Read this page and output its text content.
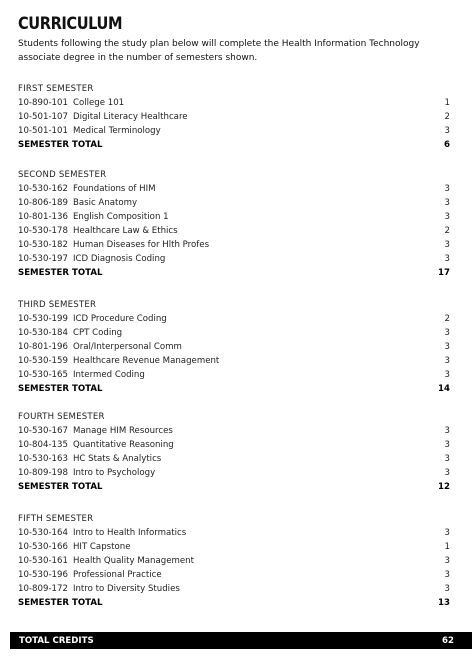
CURRICULUM
Students following the study plan below will complete the Health Information Technology associate degree in the number of semesters shown.
FIRST SEMESTER
10-890-101 College 101	1
10-501-107 Digital Literacy Healthcare	2
10-501-101 Medical Terminology	3
SEMESTER TOTAL	6
SECOND SEMESTER
10-530-162 Foundations of HIM	3
10-806-189 Basic Anatomy	3
10-801-136 English Composition 1	3
10-530-178 Healthcare Law & Ethics	2
10-530-182 Human Diseases for Hlth Profes	3
10-530-197 ICD Diagnosis Coding	3
SEMESTER TOTAL	17
THIRD SEMESTER
10-530-199 ICD Procedure Coding	2
10-530-184 CPT Coding	3
10-801-196 Oral/Interpersonal Comm	3
10-530-159 Healthcare Revenue Management	3
10-530-165 Intermed Coding	3
SEMESTER TOTAL	14
FOURTH SEMESTER
10-530-167 Manage HIM Resources	3
10-804-135 Quantitative Reasoning	3
10-530-163 HC Stats & Analytics	3
10-809-198 Intro to Psychology	3
SEMESTER TOTAL	12
FIFTH SEMESTER
10-530-164 Intro to Health Informatics	3
10-530-166 HIT Capstone	1
10-530-161 Health Quality Management	3
10-530-196 Professional Practice	3
10-809-172 Intro to Diversity Studies	3
SEMESTER TOTAL	13
TOTAL CREDITS	62
